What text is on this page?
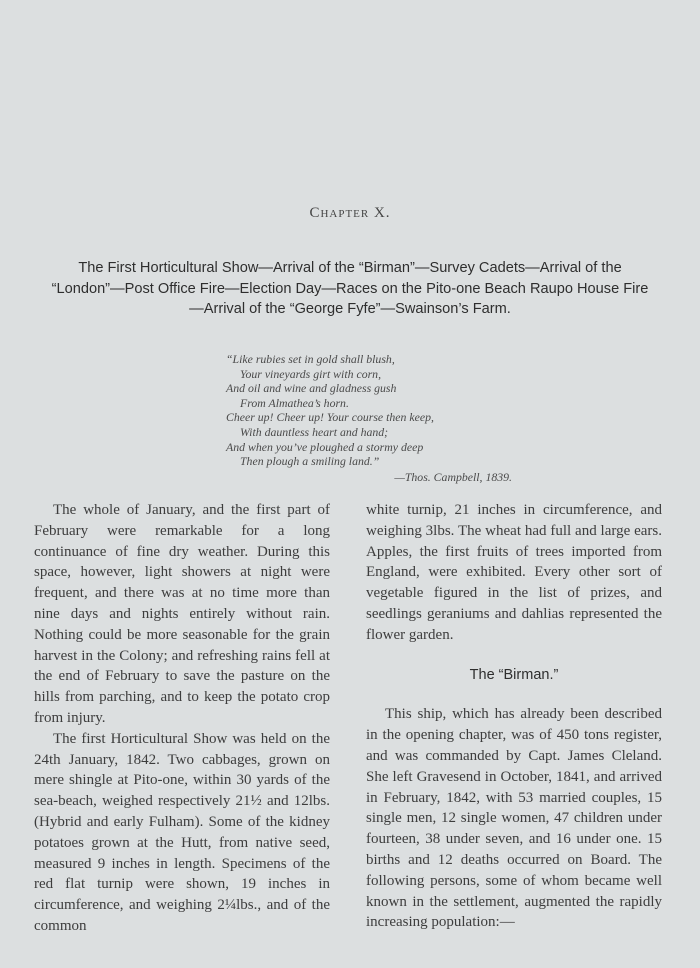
Chapter X.
The First Horticultural Show—Arrival of the “Birman”—Survey Cadets—Arrival of the “London”—Post Office Fire—Election Day—Races on the Pito-one Beach Raupo House Fire—Arrival of the “George Fyfe”—Swainson’s Farm.
“Like rubies set in gold shall blush,
Your vineyards girt with corn,
And oil and wine and gladness gush
From Almathea’s horn.
Cheer up! Cheer up! Your course then keep,
With dauntless heart and hand;
And when you’ve ploughed a stormy deep
Then plough a smiling land.”
—Thos. Campbell, 1839.

The whole of January, and the first part of February were remarkable for a long continuance of fine dry weather. During this space, however, light showers at night were frequent, and there was at no time more than nine days and nights entirely without rain. Nothing could be more seasonable for the grain harvest in the Colony; and refreshing rains fell at the end of February to save the pasture on the hills from parching, and to keep the potato crop from injury.

The first Horticultural Show was held on the 24th January, 1842. Two cabbages, grown on mere shingle at Pito-one, within 30 yards of the sea-beach, weighed respectively 21½ and 12lbs. (Hybrid and early Fulham). Some of the kidney potatoes grown at the Hutt, from native seed, measured 9 inches in length. Specimens of the red flat turnip were shown, 19 inches in circumference, and weighing 2¼lbs., and of the common

white turnip, 21 inches in circumference, and weighing 3lbs. The wheat had full and large ears. Apples, the first fruits of trees imported from England, were exhibited. Every other sort of vegetable figured in the list of prizes, and seedlings geraniums and dahlias represented the flower garden.

The “Birman.”

This ship, which has already been described in the opening chapter, was of 450 tons register, and was commanded by Capt. James Cleland. She left Gravesend in October, 1841, and arrived in February, 1842, with 53 married couples, 15 single men, 12 single women, 47 children under fourteen, 38 under seven, and 16 under one. 15 births and 12 deaths occurred on Board. The following persons, some of whom became well known in the settlement, augmented the rapidly increasing population:—
